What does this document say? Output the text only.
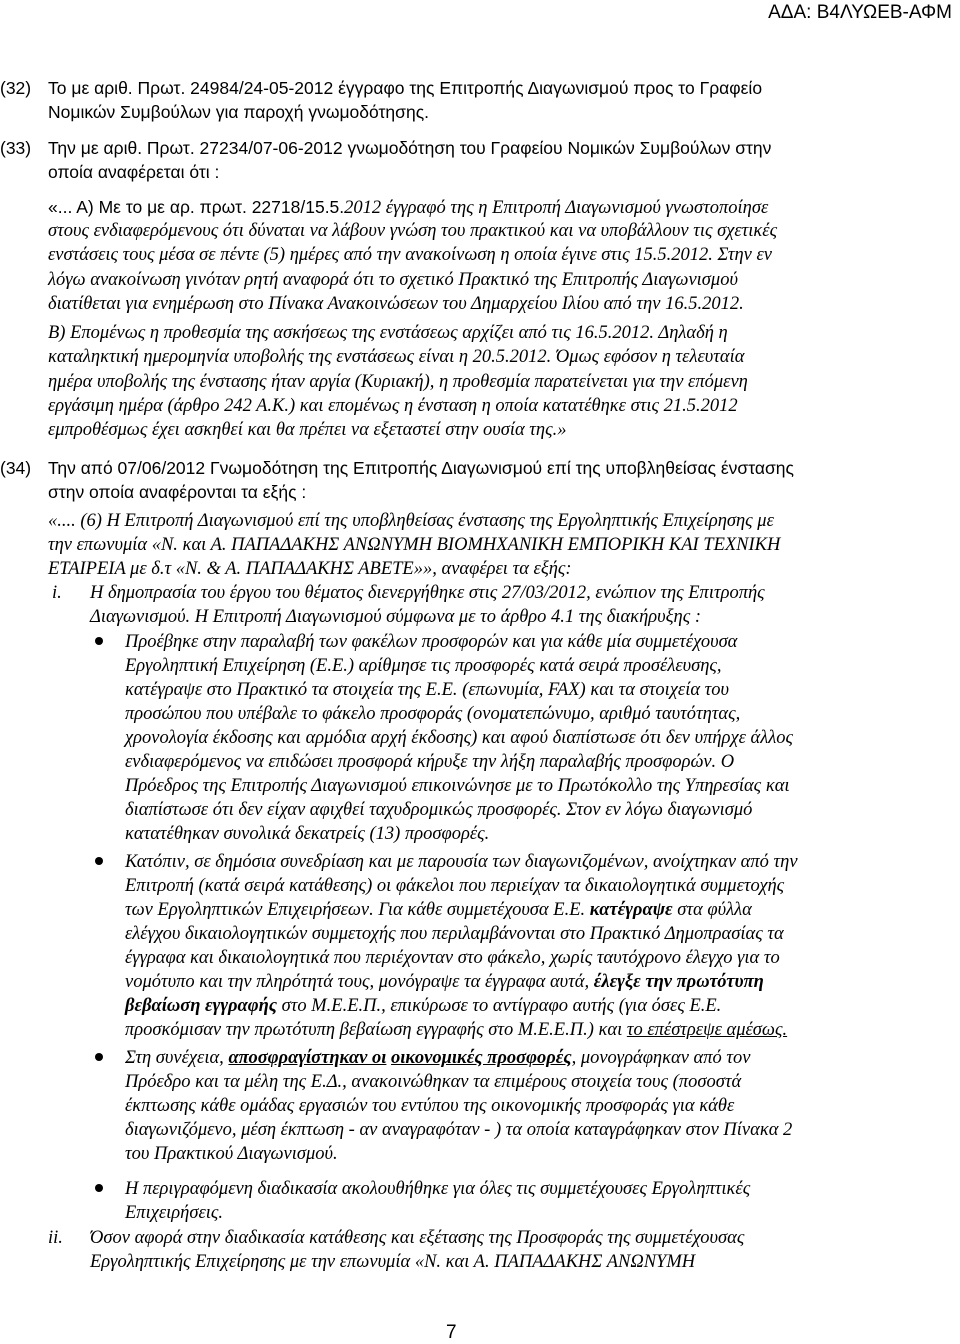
ΑΔΑ: Β4ΛΥΩΕΒ-ΑΦΜ
(32) Το με αριθ. Πρωτ. 24984/24-05-2012 έγγραφο της Επιτροπής Διαγωνισμού προς το Γραφείο
Νομικών Συμβούλων για παροχή γνωμοδότησης.
(33) Την με αριθ. Πρωτ. 27234/07-06-2012 γνωμοδότηση του Γραφείου Νομικών Συμβούλων στην
οποία αναφέρεται ότι :
«... Α) Με το με αρ. πρωτ. 22718/15.5.2012 έγγραφό της η Επιτροπή Διαγωνισμού γνωστοποίησε
στους ενδιαφερόμενους ότι δύναται να λάβουν γνώση του πρακτικού και να υποβάλλουν τις σχετικές
ενστάσεις τους μέσα σε πέντε (5) ημέρες από την ανακοίνωση η οποία έγινε στις 15.5.2012. Στην εν
λόγω ανακοίνωση γινόταν ρητή αναφορά ότι το σχετικό Πρακτικό της Επιτροπής Διαγωνισμού
διατίθεται για ενημέρωση στο Πίνακα Ανακοινώσεων του Δημαρχείου Ιλίου από την 16.5.2012.
Β) Επομένως η προθεσμία της ασκήσεως της ενστάσεως αρχίζει από τις 16.5.2012. Δηλαδή η
καταληκτική ημερομηνία υποβολής της ενστάσεως είναι η 20.5.2012. Όμως εφόσον η τελευταία
ημέρα υποβολής της ένστασης ήταν αργία (Κυριακή), η προθεσμία παρατείνεται για την επόμενη
εργάσιμη ημέρα (άρθρο 242 Α.Κ.) και επομένως η ένσταση η οποία κατατέθηκε στις 21.5.2012
εμπροθέσμως έχει ασκηθεί και θα πρέπει να εξεταστεί στην ουσία της.»
(34) Την από 07/06/2012 Γνωμοδότηση της Επιτροπής Διαγωνισμού επί της υποβληθείσας ένστασης
στην οποία αναφέρονται τα εξής :
«.... (6) Η Επιτροπή Διαγωνισμού επί της υποβληθείσας ένστασης της Εργοληπτικής Επιχείρησης με
την επωνυμία «Ν. και Α. ΠΑΠΑΔΑΚΗΣ ΑΝΩΝΥΜΗ ΒΙΟΜΗΧΑΝΙΚΗ ΕΜΠΟΡΙΚΗ ΚΑΙ ΤΕΧΝΙΚΗ
ΕΤΑΙΡΕΙΑ με δ.τ «Ν. & Α. ΠΑΠΑΔΑΚΗΣ ΑΒΕΤΕ»», αναφέρει τα εξής:
i. Η δημοπρασία του έργου του θέματος διενεργήθηκε στις 27/03/2012, ενώπιον της Επιτροπής
Διαγωνισμού. Η Επιτροπή Διαγωνισμού σύμφωνα με το άρθρο 4.1 της διακήρυξης :
Προέβηκε στην παραλαβή των φακέλων προσφορών και για κάθε μία συμμετέχουσα
Εργοληπτική Επιχείρηση (Ε.Ε.) αρίθμησε τις προσφορές κατά σειρά προσέλευσης,
κατέγραψε στο Πρακτικό τα στοιχεία της Ε.Ε. (επωνυμία, FAX) και τα στοιχεία του
προσώπου που υπέβαλε το φάκελο προσφοράς (ονοματεπώνυμο, αριθμό ταυτότητας,
χρονολογία έκδοσης και αρμόδια αρχή έκδοσης) και αφού διαπίστωσε ότι δεν υπήρχε άλλος
ενδιαφερόμενος να επιδώσει προσφορά κήρυξε την λήξη παραλαβής προσφορών. Ο
Πρόεδρος της Επιτροπής Διαγωνισμού επικοινώνησε με το Πρωτόκολλο της Υπηρεσίας και
διαπίστωσε ότι δεν είχαν αφιχθεί ταχυδρομικώς προσφορές. Στον εν λόγω διαγωνισμό
κατατέθηκαν συνολικά δεκατρείς (13) προσφορές.
Κατόπιν, σε δημόσια συνεδρίαση και με παρουσία των διαγωνιζομένων, ανοίχτηκαν από την
Επιτροπή (κατά σειρά κατάθεσης) οι φάκελοι που περιείχαν τα δικαιολογητικά συμμετοχής
των Εργοληπτικών Επιχειρήσεων. Για κάθε συμμετέχουσα Ε.Ε. κατέγραψε στα φύλλα
ελέγχου δικαιολογητικών συμμετοχής που περιλαμβάνονται στο Πρακτικό Δημοπρασίας τα
έγγραφα και δικαιολογητικά που περιέχονταν στο φάκελο, χωρίς ταυτόχρονο έλεγχο για το
νομότυπο και την πληρότητά τους, μονόγραψε τα έγγραφα αυτά, έλεγξε την πρωτότυπη
βεβαίωση εγγραφής στο Μ.Ε.Ε.Π., επικύρωσε το αντίγραφο αυτής (για όσες Ε.Ε.
προσκόμισαν την πρωτότυπη βεβαίωση εγγραφής στο Μ.Ε.Ε.Π.) και το επέστρεψε αμέσως.
Στη συνέχεια, αποσφραγίστηκαν οι οικονομικές προσφορές, μονογράφηκαν από τον
Πρόεδρο και τα μέλη της Ε.Δ., ανακοινώθηκαν τα επιμέρους στοιχεία τους (ποσοστά
έκπτωσης κάθε ομάδας εργασιών του εντύπου της οικονομικής προσφοράς για κάθε
διαγωνιζόμενο, μέση έκπτωση - αν αναγραφόταν - ) τα οποία καταγράφηκαν στον Πίνακα 2
του Πρακτικού Διαγωνισμού.
Η περιγραφόμενη διαδικασία ακολουθήθηκε για όλες τις συμμετέχουσες Εργοληπτικές
Επιχειρήσεις.
ii. Όσον αφορά στην διαδικασία κατάθεσης και εξέτασης της Προσφοράς της συμμετέχουσας
Εργοληπτικής Επιχείρησης με την επωνυμία «Ν. και Α. ΠΑΠΑΔΑΚΗΣ ΑΝΩΝΥΜΗ
7
